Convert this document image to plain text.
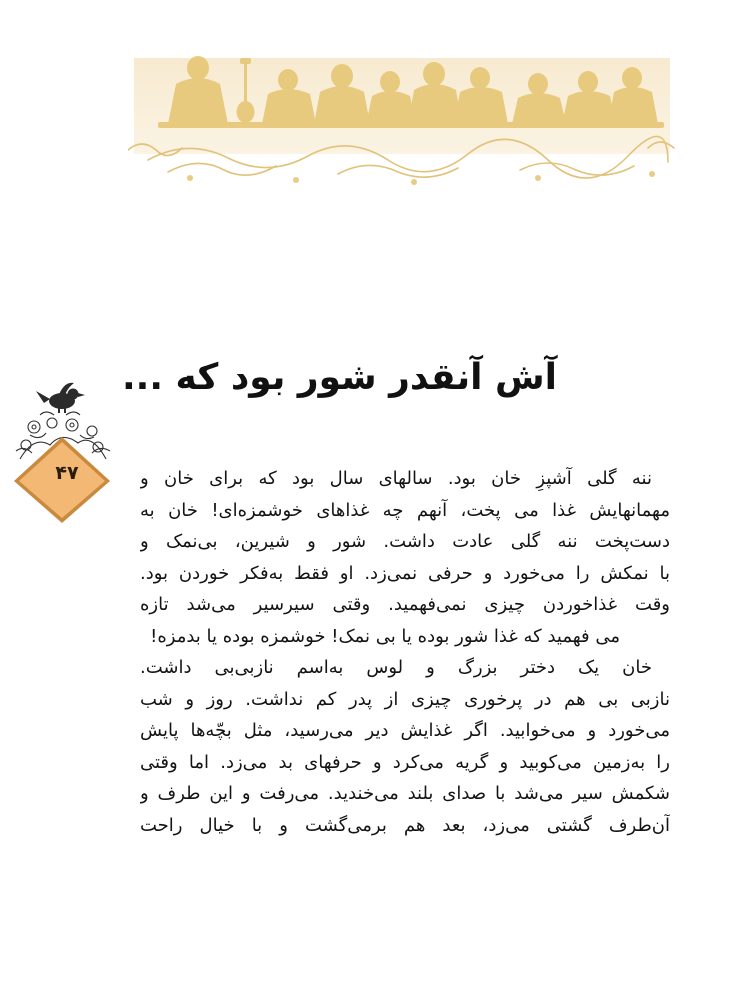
آش آنقدر شور بود که ...
۴۷	ننه گلی آشپزِ خان بود. سالهای سال بود که برای خان و
مهمانهایش غذا می پخت، آنهم چه غذاهای خوشمزه‌ای! خان به
دست‌پخت ننه گلی عادت داشت. شور و شیرین، بی‌نمک و
با نمکش را می‌خورد و حرفی نمی‌زد. او فقط به‌فکر خوردن بود.
وقت غذاخوردن چیزی نمی‌فهمید. وقتی سیرسیر می‌شد تازه
می فهمید که غذا شور بوده یا بی نمک! خوشمزه بوده یا بدمزه!
خان یک دختر بزرگ و لوس به‌اسم نازبی‌بی داشت.
نازبی بی هم در پرخوری چیزی از پدر کم نداشت. روز و شب
می‌خورد و می‌خوابید. اگر غذایش دیر می‌رسید، مثل بچّه‌ها پایش
را به‌زمین می‌کوبید و گریه می‌کرد و حرفهای بد می‌زد. اما وقتی
شکمش سیر می‌شد با صدای بلند می‌خندید. می‌رفت و این طرف و
آن‌طرف گشتی می‌زد، بعد هم برمی‌گشت و با خیال راحت
